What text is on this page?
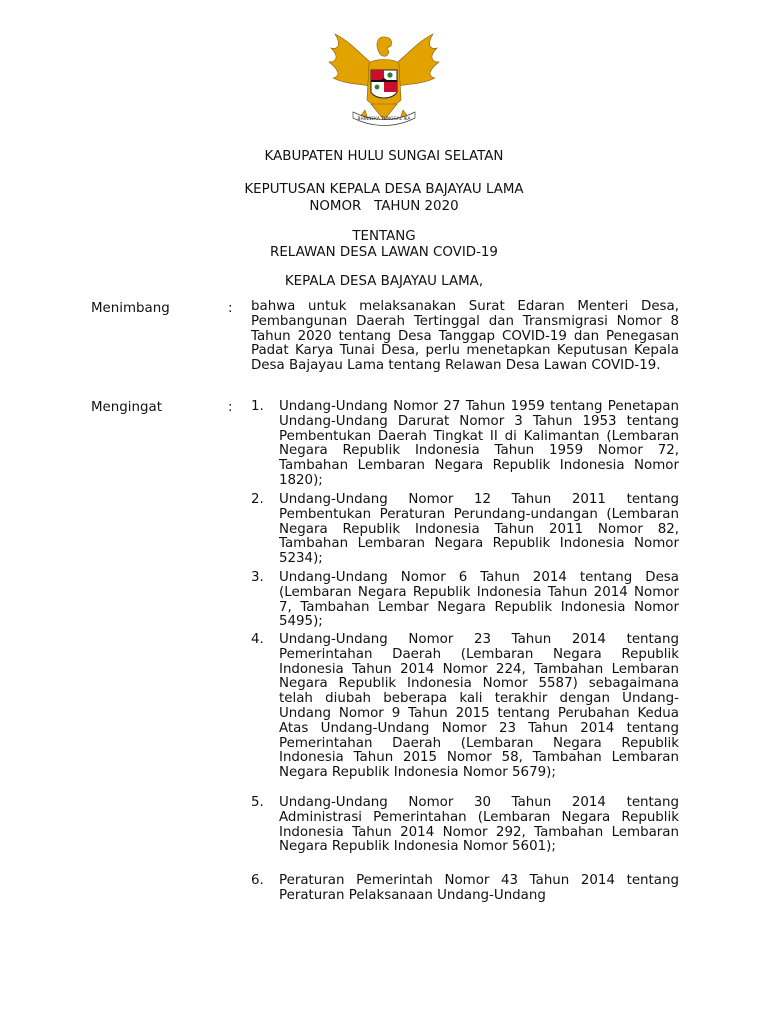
BHINNEKA TUNGGAL IKA
KABUPATEN HULU SUNGAI SELATAN
KEPUTUSAN KEPALA DESA BAJAYAU LAMA
NOMOR   TAHUN 2020
TENTANG
RELAWAN DESA LAWAN COVID-19
KEPALA DESA BAJAYAU LAMA,
Menimbang	: bahwa untuk melaksanakan Surat Edaran Menteri Desa, Pembangunan Daerah Tertinggal dan Transmigrasi Nomor 8 Tahun 2020 tentang Desa Tanggap COVID-19 dan Penegasan Padat Karya Tunai Desa, perlu menetapkan Keputusan Kepala Desa Bajayau Lama tentang Relawan Desa Lawan COVID-19.
Mengingat	: 1. Undang-Undang Nomor 27 Tahun 1959 tentang Penetapan Undang-Undang Darurat Nomor 3 Tahun 1953 tentang Pembentukan Daerah Tingkat II di Kalimantan (Lembaran Negara Republik Indonesia Tahun 1959 Nomor 72, Tambahan Lembaran Negara Republik Indonesia Nomor 1820);
2. Undang-Undang Nomor 12 Tahun 2011 tentang Pembentukan Peraturan Perundang-undangan (Lembaran Negara Republik Indonesia Tahun 2011 Nomor 82, Tambahan Lembaran Negara Republik Indonesia Nomor 5234);
3. Undang-Undang Nomor 6 Tahun 2014 tentang Desa (Lembaran Negara Republik Indonesia Tahun 2014 Nomor 7, Tambahan Lembar Negara Republik Indonesia Nomor 5495);
4. Undang-Undang Nomor 23 Tahun 2014 tentang Pemerintahan Daerah (Lembaran Negara Republik Indonesia Tahun 2014 Nomor 224, Tambahan Lembaran Negara Republik Indonesia Nomor 5587) sebagaimana telah diubah beberapa kali terakhir dengan Undang-Undang Nomor 9 Tahun 2015 tentang Perubahan Kedua Atas Undang-Undang Nomor 23 Tahun 2014 tentang Pemerintahan Daerah (Lembaran Negara Republik Indonesia Tahun 2015 Nomor 58, Tambahan Lembaran Negara Republik Indonesia Nomor 5679);
5. Undang-Undang Nomor 30 Tahun 2014 tentang Administrasi Pemerintahan (Lembaran Negara Republik Indonesia Tahun 2014 Nomor 292, Tambahan Lembaran Negara Republik Indonesia Nomor 5601);
6. Peraturan Pemerintah Nomor 43 Tahun 2014 tentang Peraturan Pelaksanaan Undang-Undang
